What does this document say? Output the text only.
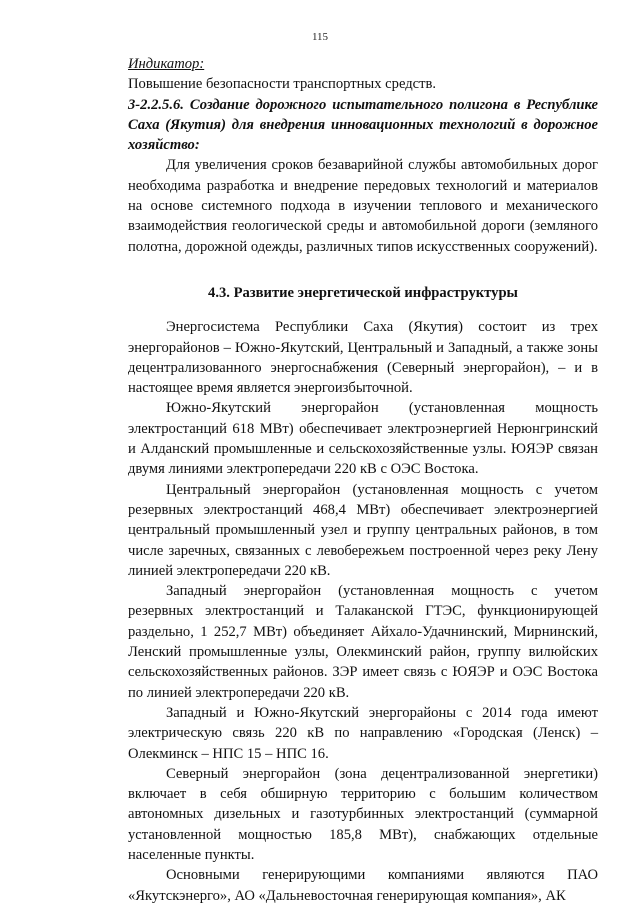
115

Индикатор:

Повышение безопасности транспортных средств.

3-2.2.5.6. Создание дорожного испытательного полигона в Республике Саха (Якутия) для внедрения инновационных технологий в дорожное хозяйство:

Для увеличения сроков безаварийной службы автомобильных дорог необходима разработка и внедрение передовых технологий и материалов на основе системного подхода в изучении теплового и механического взаимодействия геологической среды и автомобильной дороги (земляного полотна, дорожной одежды, различных типов искусственных сооружений).

4.3. Развитие энергетической инфраструктуры

Энергосистема Республики Саха (Якутия) состоит из трех энергорайонов – Южно-Якутский, Центральный и Западный, а также зоны децентрализованного энергоснабжения (Северный энергорайон), – и в настоящее время является энергоизбыточной.

Южно-Якутский энергорайон (установленная мощность электростанций 618 МВт) обеспечивает электроэнергией Нерюнгринский и Алданский промышленные и сельскохозяйственные узлы. ЮЯЭР связан двумя линиями электропередачи 220 кВ с ОЭС Востока.

Центральный энергорайон (установленная мощность с учетом резервных электростанций 468,4 МВт) обеспечивает электроэнергией центральный промышленный узел и группу центральных районов, в том числе заречных, связанных с левобережьем построенной через реку Лену линией электропередачи 220 кВ.

Западный энергорайон (установленная мощность с учетом резервных электростанций и Талаканской ГТЭС, функционирующей раздельно, 1 252,7 МВт) объединяет Айхало-Удачнинский, Мирнинский, Ленский промышленные узлы, Олекминский район, группу вилюйских сельскохозяйственных районов. ЗЭР имеет связь с ЮЯЭР и ОЭС Востока по линией электропередачи 220 кВ.

Западный и Южно-Якутский энергорайоны с 2014 года имеют электрическую связь 220 кВ по направлению «Городская (Ленск) – Олекминск – НПС 15 – НПС 16.

Северный энергорайон (зона децентрализованной энергетики) включает в себя обширную территорию с большим количеством автономных дизельных и газотурбинных электростанций (суммарной установленной мощностью 185,8 МВт), снабжающих отдельные населенные пункты.

Основными генерирующими компаниями являются ПАО «Якутскэнерго», АО «Дальневосточная генерирующая компания», АК
